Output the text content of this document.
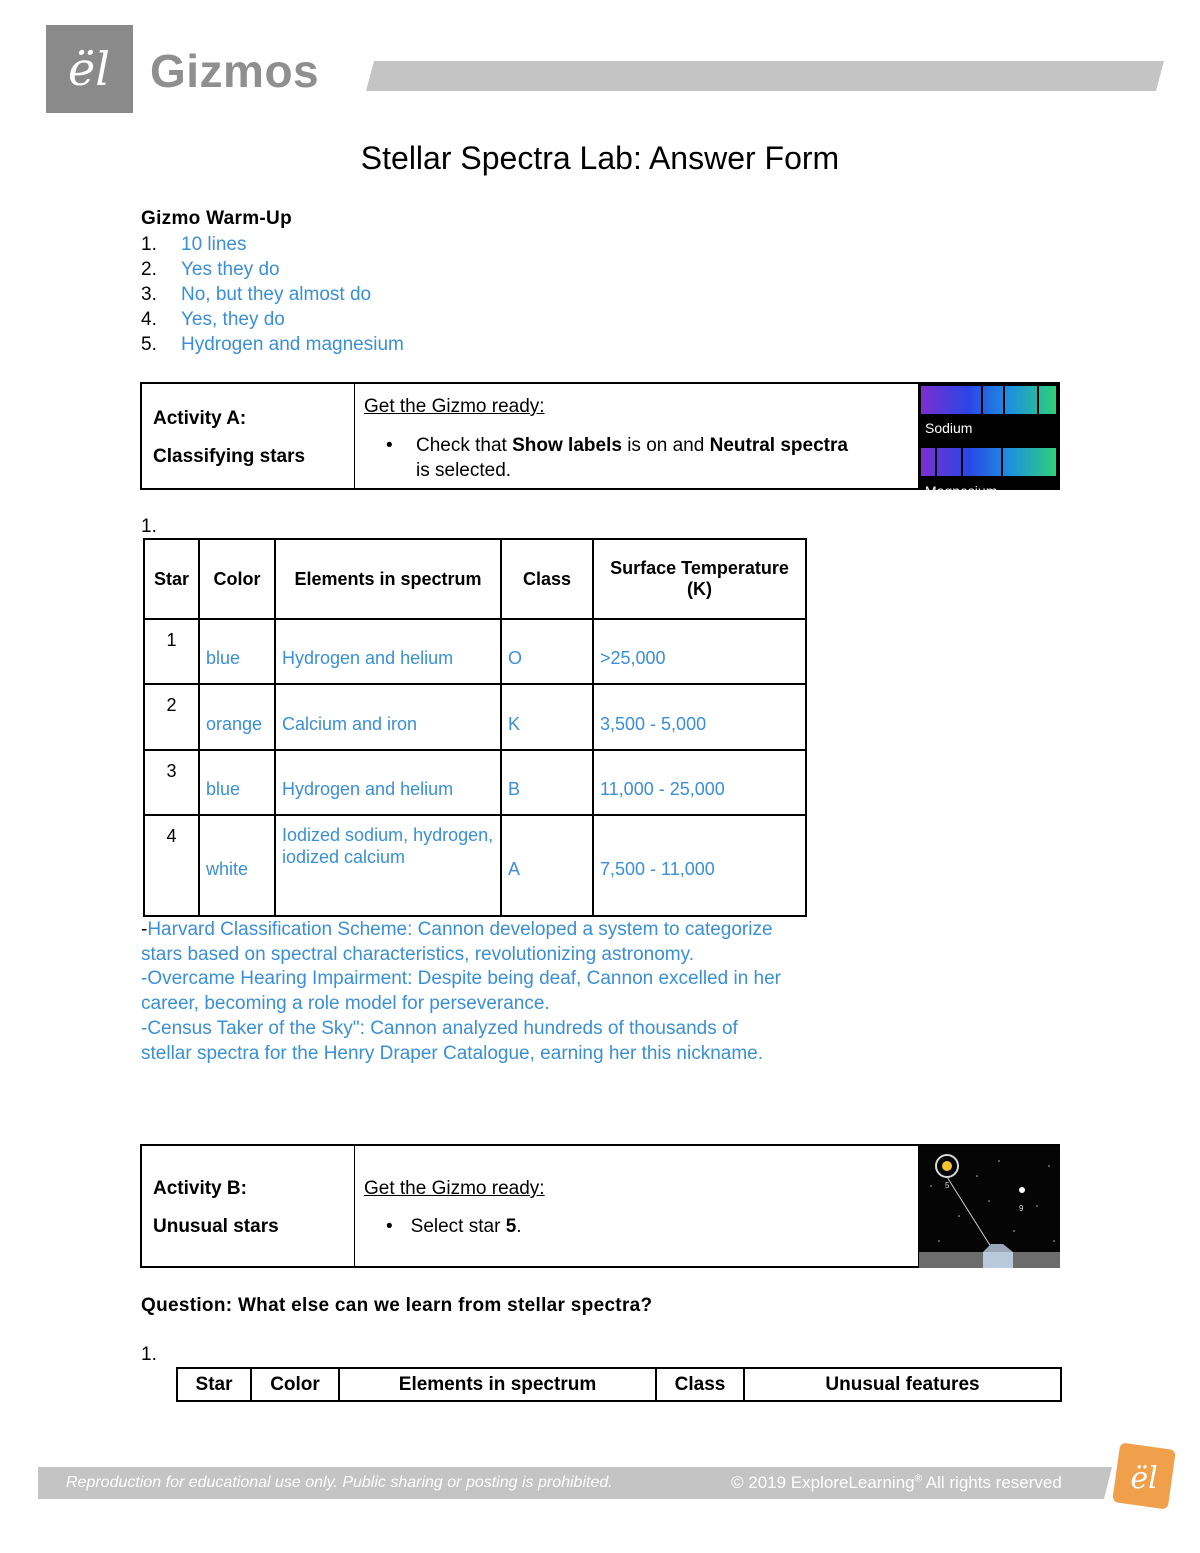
ël Gizmos
Stellar Spectra Lab: Answer Form
Gizmo Warm-Up
1. 10 lines
2. Yes they do
3. No, but they almost do
4. Yes, they do
5. Hydrogen and magnesium
Activity A:
Classifying stars
Get the Gizmo ready:
• Check that Show labels is on and Neutral spectra
is selected.
Sodium
Magnesium
1.
Star	Color	Elements in spectrum	Class	Surface Temperature (K)
1	blue	Hydrogen and helium	O	>25,000
2	orange	Calcium and iron	K	3,500 - 5,000
3	blue	Hydrogen and helium	B	11,000 - 25,000
4	white	Iodized sodium, hydrogen, iodized calcium	A	7,500 - 11,000
-Harvard Classification Scheme: Cannon developed a system to categorize stars based on spectral characteristics, revolutionizing astronomy.
-Overcame Hearing Impairment: Despite being deaf, Cannon excelled in her career, becoming a role model for perseverance.
-Census Taker of the Sky": Cannon analyzed hundreds of thousands of stellar spectra for the Henry Draper Catalogue, earning her this nickname.
Activity B:
Unusual stars
Get the Gizmo ready:
• Select star 5.
5
9
Question: What else can we learn from stellar spectra?
1.
Star	Color	Elements in spectrum	Class	Unusual features
Reproduction for educational use only. Public sharing or posting is prohibited.	© 2019 ExploreLearning® All rights reserved ël
